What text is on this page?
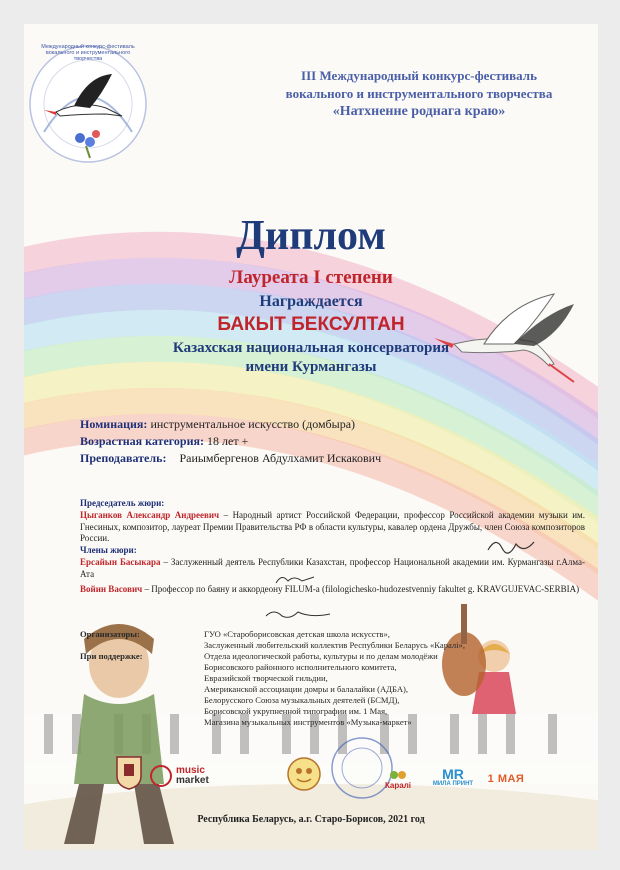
Международный конкурс-фестиваль вокального и инструментального творчества
III Международный конкурс-фестиваль
вокального и инструментального творчества
«Натхненне роднага краю»
Диплом
Лауреата I степени
Награждается
БАКЫТ БЕКСУЛТАН
Казахская национальная консерватория
имени Курмангазы
Номинация: инструментальное искусство (домбыра)
Возрастная категория: 18 лет +
Преподаватель: Раиымбергенов Абдулхамит Искакович
Председатель жюри:
Цыганков Александр Андреевич – Народный артист Российской Федерации, профессор Российской академии музыки им. Гнесиных, композитор, лауреат Премии Правительства РФ в области культуры, кавалер ордена Дружбы, член Союза композиторов России.
Члены жюри:
Ерсайын Басыкара – Заслуженный деятель Республики Казахстан, профессор Национальной академии им. Курмангазы г.Алма-Ата
Войин Васович – Профессор по баяну и аккордеону FILUM-a (filologichesko-hudozestvenniy fakultet g. KRAVGUJEVAC-SERBIA)
Организаторы:	ГУО «Староборисовская детская школа искусств»,
Заслуженный любительский коллектив Республики Беларусь «Каралі»,
При поддержке:	Отдела идеологической работы, культуры и по делам молодёжи
Борисовского районного исполнительного комитета,
Евразийской творческой гильдии,
Американской ассоциации домры и балалайки (АДБА),
Белорусского Союза музыкальных деятелей (БСМД),
Борисовской укрупненной типографии им. 1 Мая,
Магазина музыкальных инструментов «Музыка-маркет»
music
market	Каралі
MR
МИЛА ПРИНТ 1 МАЯ
Республика Беларусь, а.г. Старо-Борисов, 2021 год
